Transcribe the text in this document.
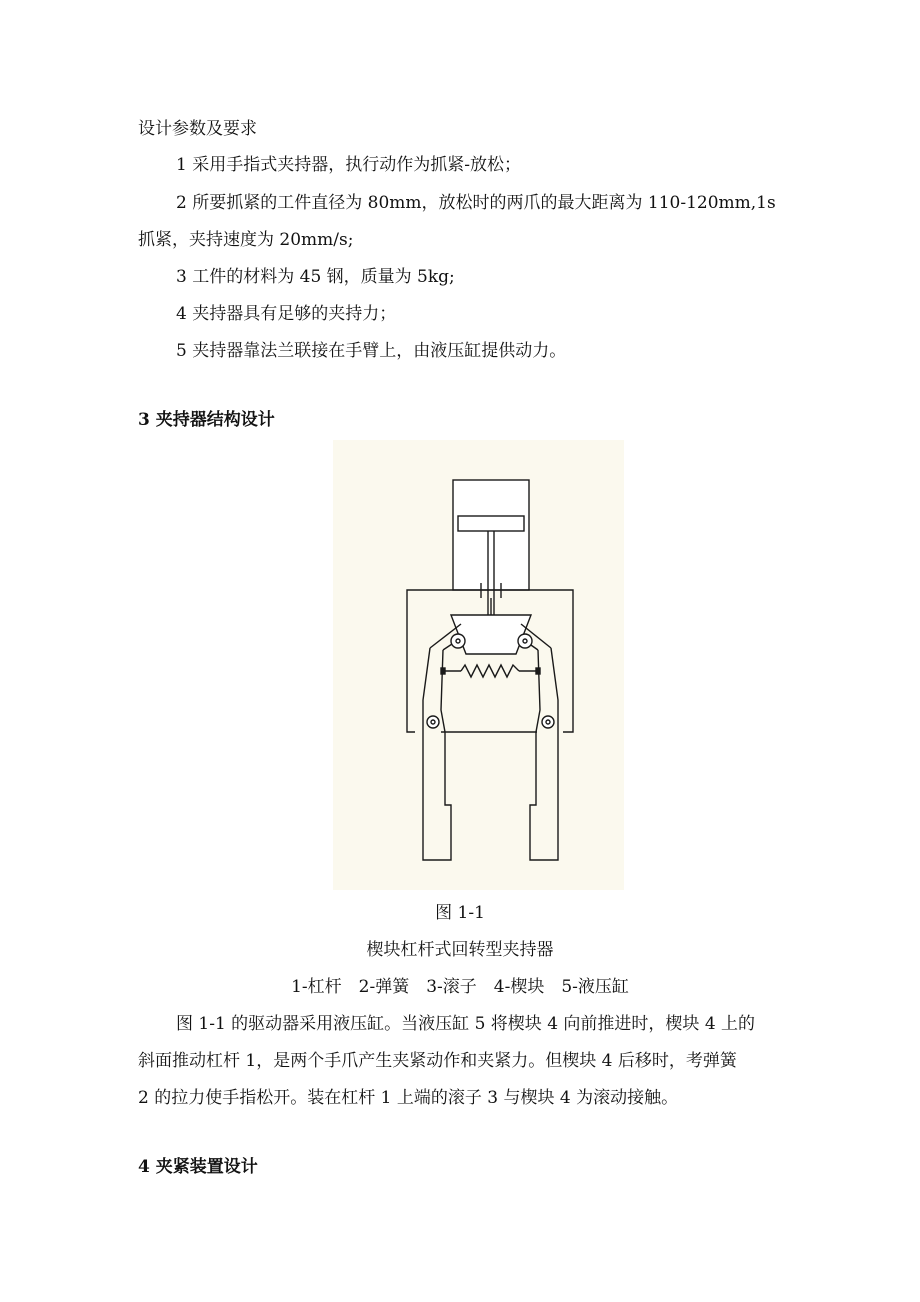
设计参数及要求
1 采用手指式夹持器，执行动作为抓紧-放松；
2 所要抓紧的工件直径为 80mm，放松时的两爪的最大距离为 110-120mm,1s
抓紧，夹持速度为 20mm/s;
3 工件的材料为 45 钢，质量为 5kg;
4 夹持器具有足够的夹持力；
5 夹持器靠法兰联接在手臂上，由液压缸提供动力。
3 夹持器结构设计
图 1-1
楔块杠杆式回转型夹持器
1-杠杆　2-弹簧　3-滚子　4-楔块　5-液压缸
图 1-1 的驱动器采用液压缸。当液压缸 5 将楔块 4 向前推进时，楔块 4 上的
斜面推动杠杆 1，是两个手爪产生夹紧动作和夹紧力。但楔块 4 后移时，考弹簧
2 的拉力使手指松开。装在杠杆 1 上端的滚子 3 与楔块 4 为滚动接触。
4 夹紧装置设计
